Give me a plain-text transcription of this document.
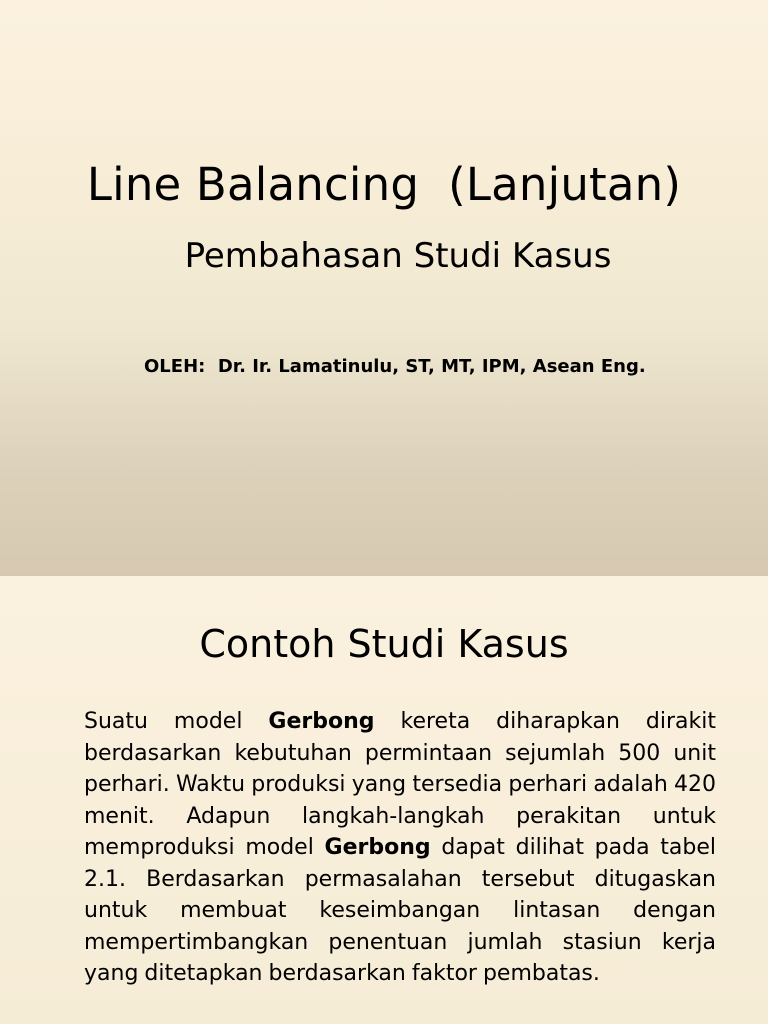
Line Balancing  (Lanjutan)
Pembahasan Studi Kasus
OLEH:  Dr. Ir. Lamatinulu, ST, MT, IPM, Asean Eng.
Contoh Studi Kasus
Suatu model Gerbong kereta diharapkan dirakit berdasarkan kebutuhan permintaan sejumlah 500 unit perhari. Waktu produksi yang tersedia perhari adalah 420 menit. Adapun langkah-langkah perakitan untuk memproduksi model Gerbong dapat dilihat pada tabel 2.1. Berdasarkan permasalahan tersebut ditugaskan untuk membuat keseimbangan lintasan dengan mempertimbangkan penentuan jumlah stasiun kerja yang ditetapkan berdasarkan faktor pembatas.
